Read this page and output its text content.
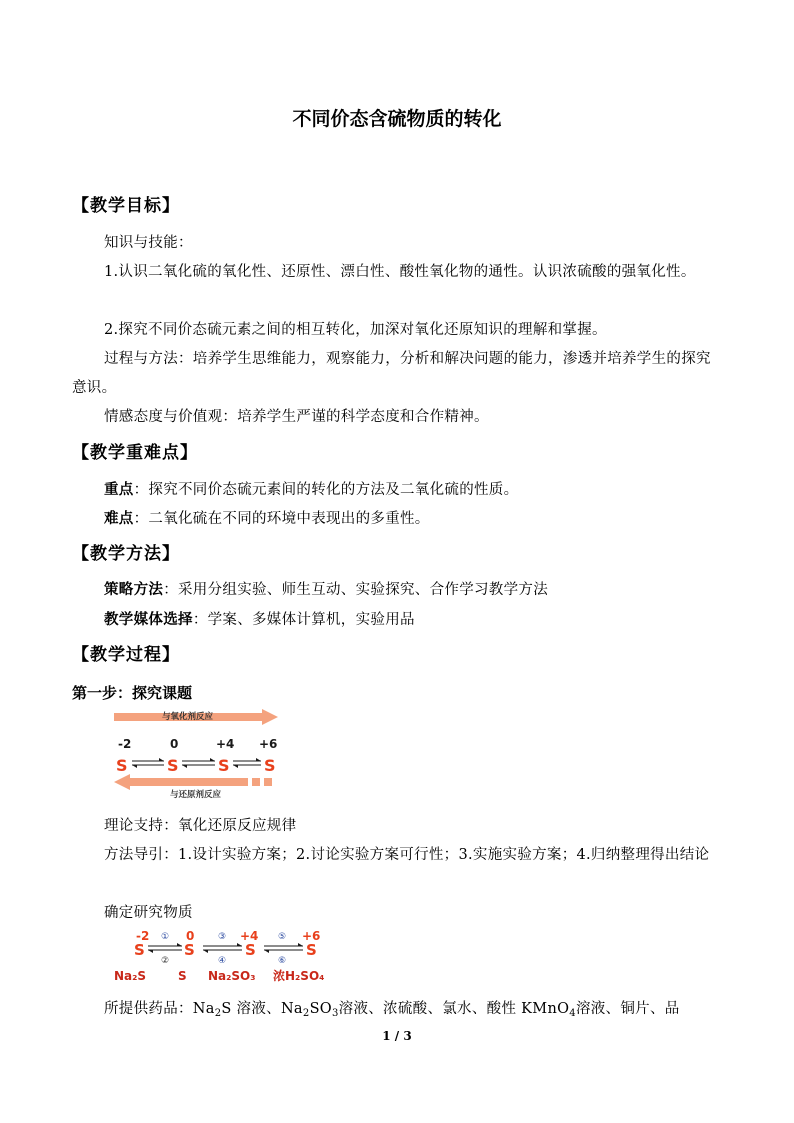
不同价态含硫物质的转化
【教学目标】
知识与技能：
1.认识二氧化硫的氧化性、还原性、漂白性、酸性氧化物的通性。认识浓硫酸的强氧化性。
2.探究不同价态硫元素之间的相互转化，加深对氧化还原知识的理解和掌握。
过程与方法：培养学生思维能力，观察能力，分析和解决问题的能力，渗透并培养学生的探究意识。
情感态度与价值观：培养学生严谨的科学态度和合作精神。
【教学重难点】
重点：探究不同价态硫元素间的转化的方法及二氧化硫的性质。
难点：二氧化硫在不同的环境中表现出的多重性。
【教学方法】
策略方法：采用分组实验、师生互动、实验探究、合作学习教学方法
教学媒体选择：学案、多媒体计算机，实验用品
【教学过程】
第一步：探究课题
与氧化剂反应
-2	0	+4 +6
S S S S
与还原剂反应
理论支持：氧化还原反应规律
方法导引：1.设计实验方案；2.讨论实验方案可行性；3.实施实验方案；4.归纳整理得出结论
确定研究物质
-2	0	+4	+6
S	S	S	S
①	③	⑤
②	④	⑥
Na₂S	S Na₂SO₃ 浓H₂SO₄
所提供药品：$Na_2S$ 溶液、$Na_2SO_3$溶液、浓硫酸、氯水、酸性 KMnO$_4$溶液、铜片、品
1 / 3
